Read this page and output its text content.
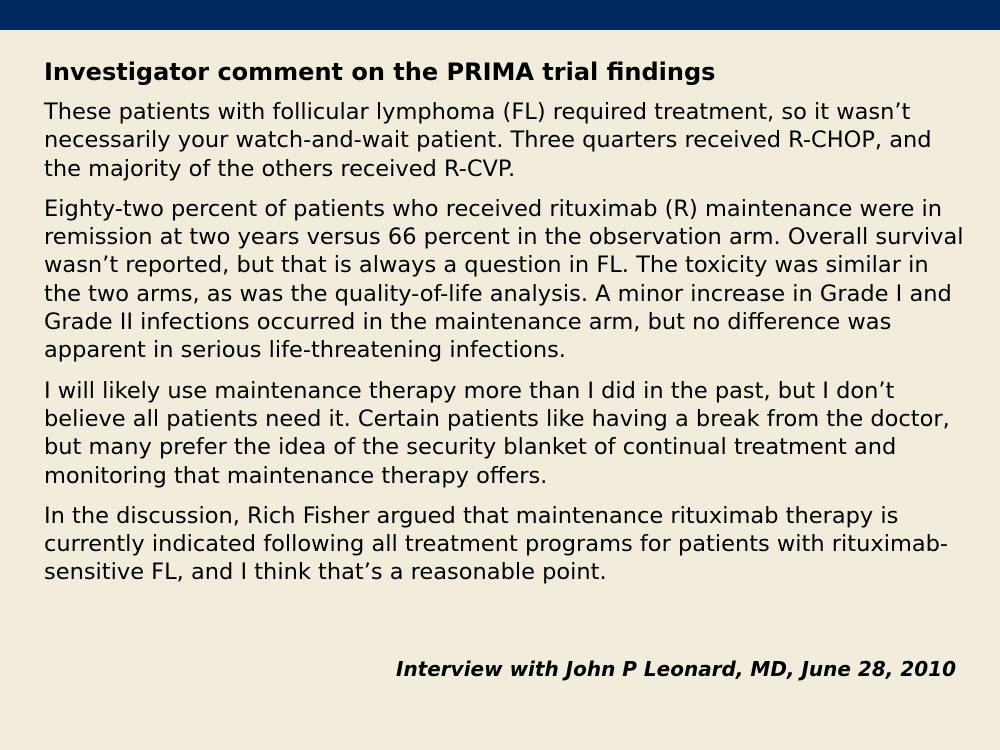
Investigator comment on the PRIMA trial findings

These patients with follicular lymphoma (FL) required treatment, so it wasn’t necessarily your watch-and-wait patient. Three quarters received R-CHOP, and the majority of the others received R-CVP.

Eighty-two percent of patients who received rituximab (R) maintenance were in remission at two years versus 66 percent in the observation arm. Overall survival wasn’t reported, but that is always a question in FL. The toxicity was similar in the two arms, as was the quality-of-life analysis. A minor increase in Grade I and Grade II infections occurred in the maintenance arm, but no difference was apparent in serious life-threatening infections.

I will likely use maintenance therapy more than I did in the past, but I don’t believe all patients need it. Certain patients like having a break from the doctor, but many prefer the idea of the security blanket of continual treatment and monitoring that maintenance therapy offers.

In the discussion, Rich Fisher argued that maintenance rituximab therapy is currently indicated following all treatment programs for patients with rituximab-sensitive FL, and I think that’s a reasonable point.

Interview with John P Leonard, MD, June 28, 2010
